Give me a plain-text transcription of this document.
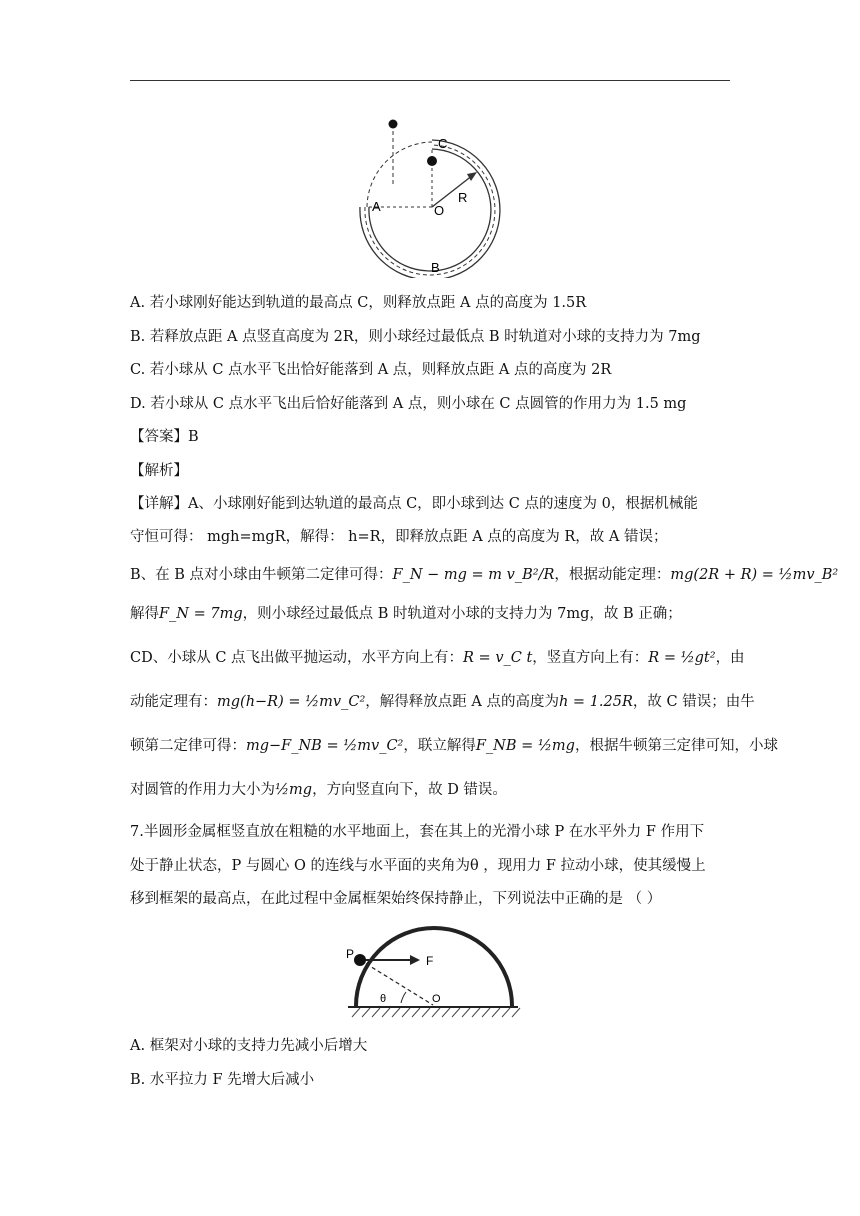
C
A	O
R
B
A. 若小球刚好能达到轨道的最高点 C，则释放点距 A 点的高度为 1.5R
B. 若释放点距 A 点竖直高度为 2R，则小球经过最低点 B 时轨道对小球的支持力为 7mg
C. 若小球从 C 点水平飞出恰好能落到 A 点，则释放点距 A 点的高度为 2R
D. 若小球从 C 点水平飞出后恰好能落到 A 点，则小球在 C 点圆管的作用力为 1.5 mg
【答案】B
【解析】
【详解】A、小球刚好能到达轨道的最高点 C，即小球到达 C 点的速度为 0，根据机械能
守恒可得： mgh=mgR，解得： h=R，即释放点距 A 点的高度为 R，故 A 错误；
B、在 B 点对小球由牛顿第二定律可得：F_N − mg = m v_B²/R，根据动能定理：mg(2R + R) = ½mv_B²
解得F_N = 7mg，则小球经过最低点 B 时轨道对小球的支持力为 7mg，故 B 正确；
CD、小球从 C 点飞出做平抛运动，水平方向上有：R = v_C t，竖直方向上有：R = ½gt²，由
动能定理有：mg(h−R) = ½mv_C²，解得释放点距 A 点的高度为h = 1.25R，故 C 错误；由牛
顿第二定律可得：mg−F_NB = ½mv_C²，联立解得F_NB = ½mg，根据牛顿第三定律可知，小球
对圆管的作用力大小为½mg，方向竖直向下，故 D 错误。
7.半圆形金属框竖直放在粗糙的水平地面上，套在其上的光滑小球 P 在水平外力 F 作用下
处于静止状态，P 与圆心 O 的连线与水平面的夹角为θ ，现用力 F 拉动小球，使其缓慢上
移到框架的最高点，在此过程中金属框架始终保持静止，下列说法中正确的是 （ ）
P	F
θ	O
A. 框架对小球的支持力先减小后增大
B. 水平拉力 F 先增大后减小
